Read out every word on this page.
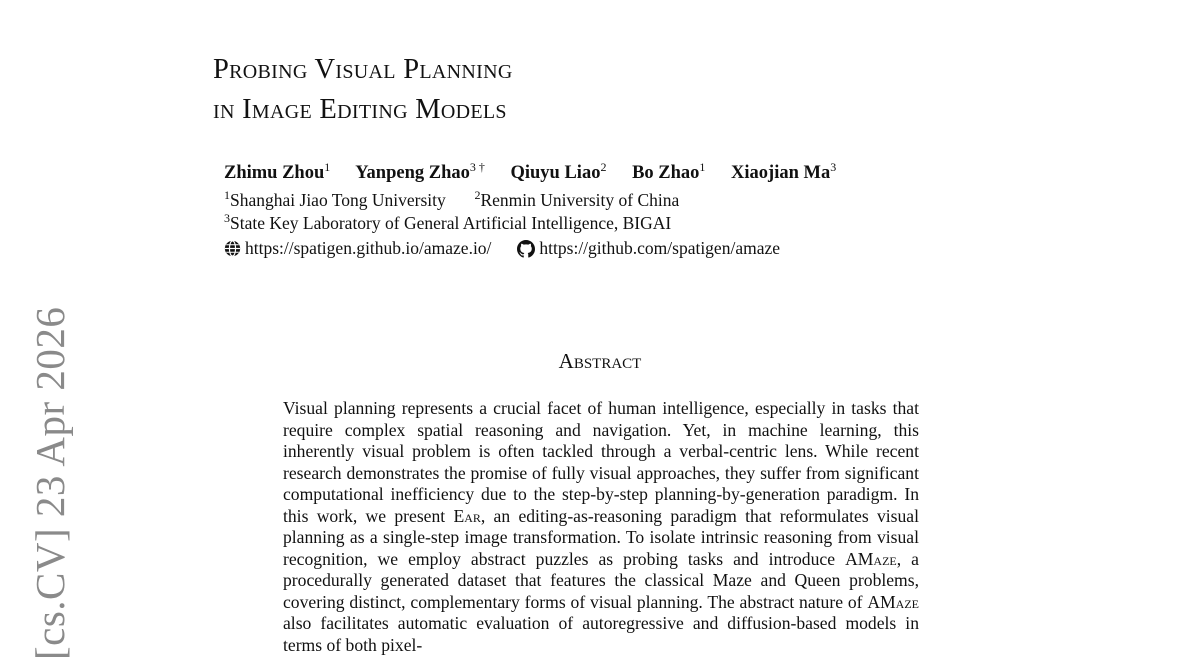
[cs.CV] 23 Apr 2026
Probing Visual Planning
in Image Editing Models
Zhimu Zhou$^1$ Yanpeng Zhao$^{3 \dagger}$ Qiuyu Liao$^2$ Bo Zhao$^1$ Xiaojian Ma$^3$
$^1$Shanghai Jiao Tong University $^2$Renmin University of China
$^3$State Key Laboratory of General Artificial Intelligence, BIGAI
https://spatigen.github.io/amaze.io/	https://github.com/spatigen/amaze
Abstract

Visual planning represents a crucial facet of human intelligence, especially in tasks that require complex spatial reasoning and navigation. Yet, in machine learning, this inherently visual problem is often tackled through a verbal-centric lens. While recent research demonstrates the promise of fully visual approaches, they suffer from significant computational inefficiency due to the step-by-step planning-by-generation paradigm. In this work, we present Ear, an editing-as-reasoning paradigm that reformulates visual planning as a single-step image transformation. To isolate intrinsic reasoning from visual recognition, we employ abstract puzzles as probing tasks and introduce AMaze, a procedurally generated dataset that features the classical Maze and Queen problems, covering distinct, complementary forms of visual planning. The abstract nature of AMaze also facilitates automatic evaluation of autoregressive and diffusion-based models in terms of both pixel-
